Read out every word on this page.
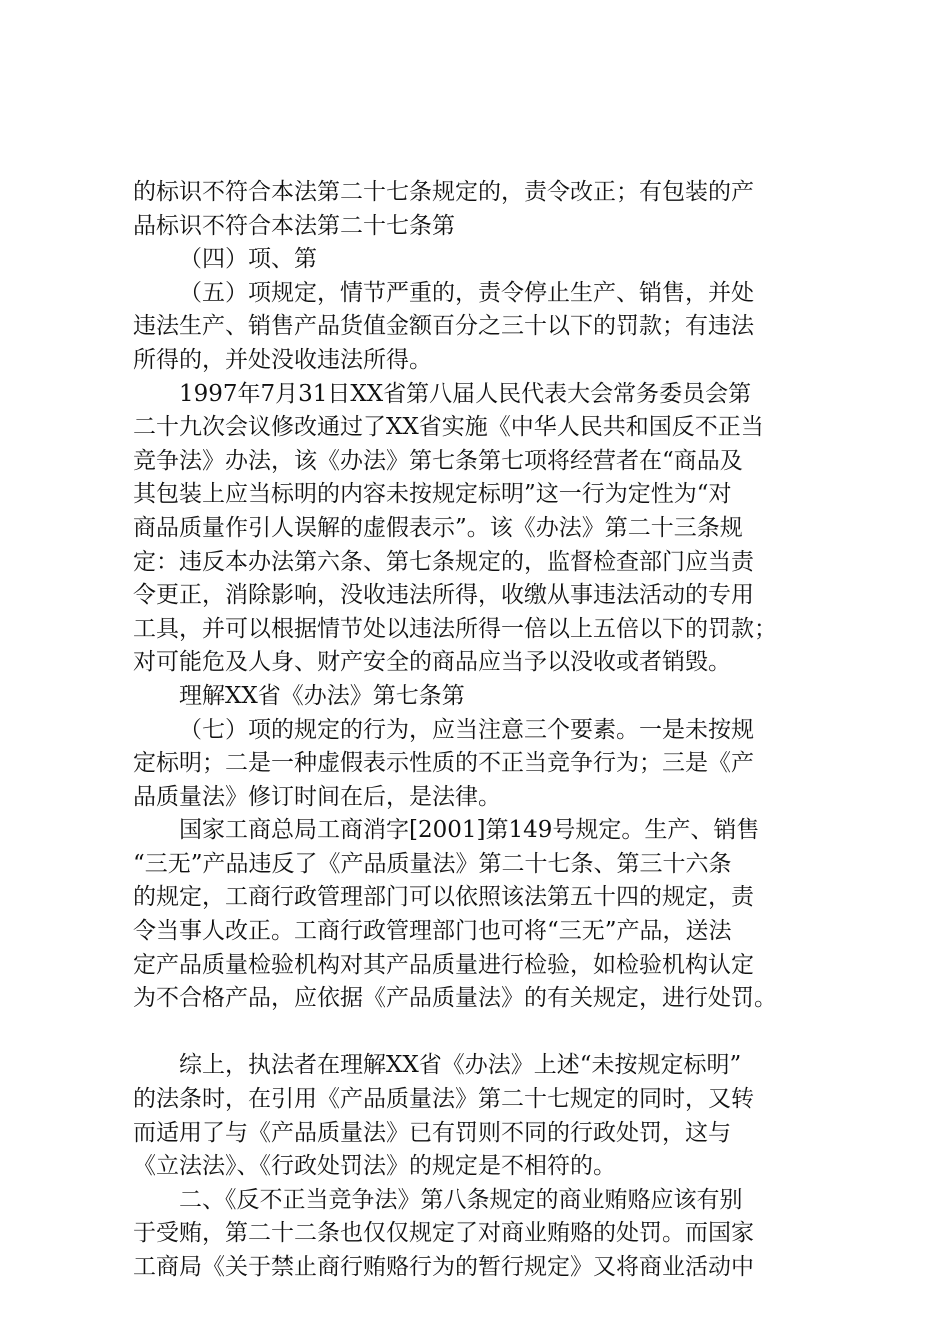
的标识不符合本法第二十七条规定的，责令改正；有包装的产
品标识不符合本法第二十七条第
（四）项、第
（五）项规定，情节严重的，责令停止生产、销售，并处
违法生产、销售产品货值金额百分之三十以下的罚款；有违法
所得的，并处没收违法所得。
1997年7月31日XX省第八届人民代表大会常务委员会第
二十九次会议修改通过了XX省实施《中华人民共和国反不正当
竞争法》办法，该《办法》第七条第七项将经营者在“商品及
其包装上应当标明的内容未按规定标明”这一行为定性为“对
商品质量作引人误解的虚假表示”。该《办法》第二十三条规
定：违反本办法第六条、第七条规定的，监督检查部门应当责
令更正，消除影响，没收违法所得，收缴从事违法活动的专用
工具，并可以根据情节处以违法所得一倍以上五倍以下的罚款；
对可能危及人身、财产安全的商品应当予以没收或者销毁。
理解XX省《办法》第七条第
（七）项的规定的行为，应当注意三个要素。一是未按规
定标明；二是一种虚假表示性质的不正当竞争行为；三是《产
品质量法》修订时间在后，是法律。
国家工商总局工商消字[2001]第149号规定。生产、销售
“三无”产品违反了《产品质量法》第二十七条、第三十六条
的规定，工商行政管理部门可以依照该法第五十四的规定，责
令当事人改正。工商行政管理部门也可将“三无”产品，送法
定产品质量检验机构对其产品质量进行检验，如检验机构认定
为不合格产品，应依据《产品质量法》的有关规定，进行处罚。
综上，执法者在理解XX省《办法》上述“未按规定标明”
的法条时，在引用《产品质量法》第二十七规定的同时，又转
而适用了与《产品质量法》已有罚则不同的行政处罚，这与
《立法法》、《行政处罚法》的规定是不相符的。
二、《反不正当竞争法》第八条规定的商业贿赂应该有别
于受贿，第二十二条也仅仅规定了对商业贿赂的处罚。而国家
工商局《关于禁止商行贿赂行为的暂行规定》又将商业活动中
